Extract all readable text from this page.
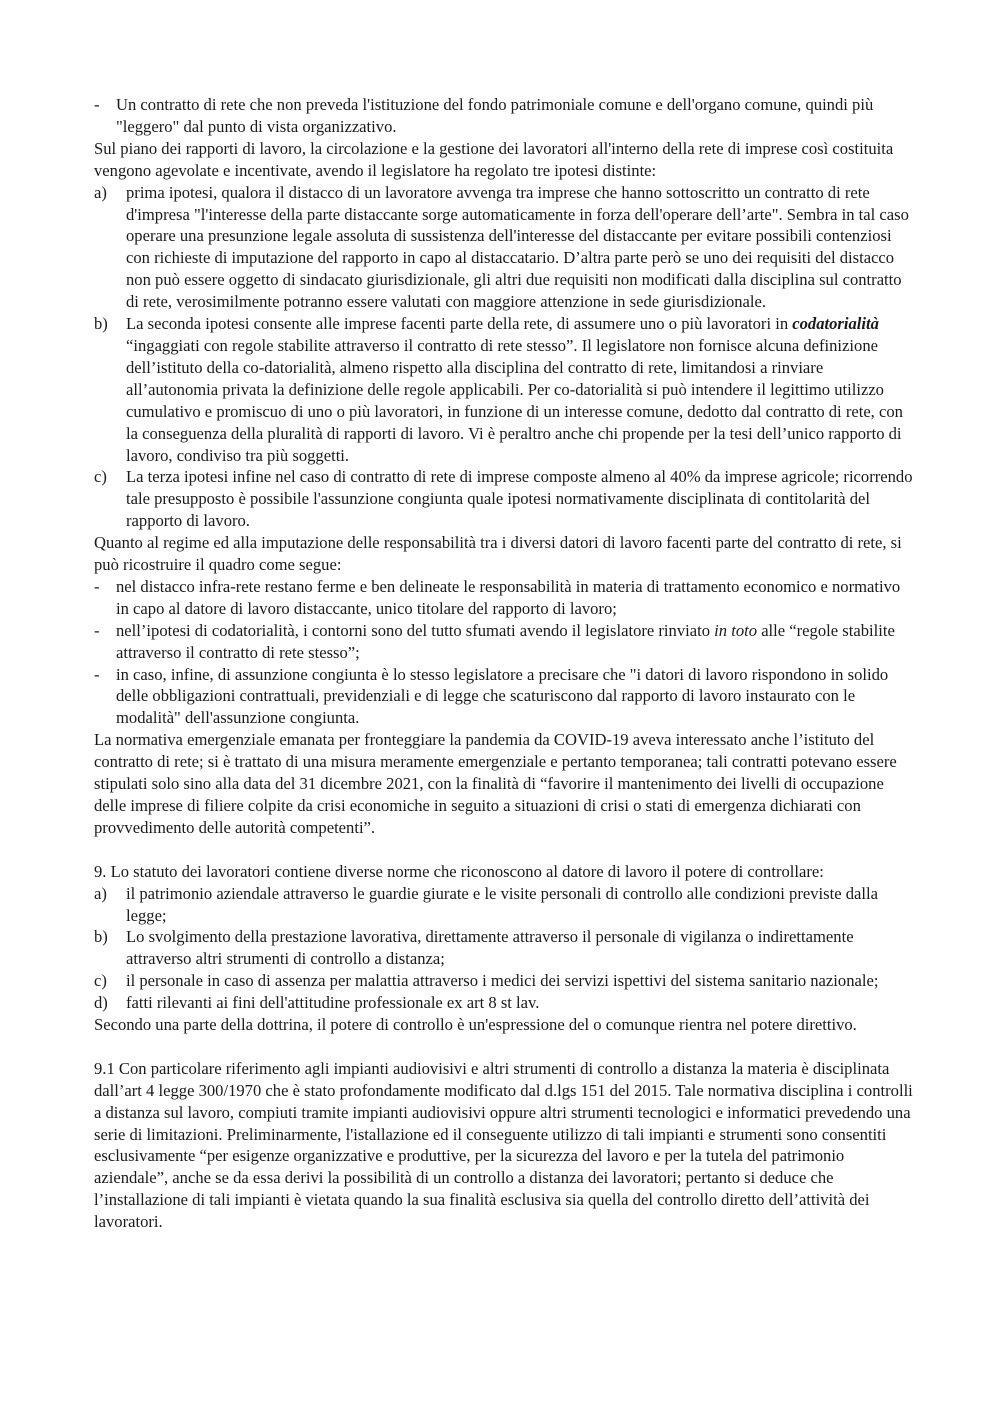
- Un contratto di rete che non preveda l'istituzione del fondo patrimoniale comune e dell'organo comune, quindi più "leggero" dal punto di vista organizzativo.

Sul piano dei rapporti di lavoro, la circolazione e la gestione dei lavoratori all'interno della rete di imprese così costituita vengono agevolate e incentivate, avendo il legislatore ha regolato tre ipotesi distinte:

a)	prima ipotesi, qualora il distacco di un lavoratore avvenga tra imprese che hanno sottoscritto un contratto di rete d'impresa "l'interesse della parte distaccante sorge automaticamente in forza dell'operare dell’arte". Sembra in tal caso operare una presunzione legale assoluta di sussistenza dell'interesse del distaccante per evitare possibili contenziosi con richieste di imputazione del rapporto in capo al distaccatario. D’altra parte però se uno dei requisiti del distacco non può essere oggetto di sindacato giurisdizionale, gli altri due requisiti non modificati dalla disciplina sul contratto di rete, verosimilmente potranno essere valutati con maggiore attenzione in sede giurisdizionale.
b)	La seconda ipotesi consente alle imprese facenti parte della rete, di assumere uno o più lavoratori in codatorialità “ingaggiati con regole stabilite attraverso il contratto di rete stesso”. Il legislatore non fornisce alcuna definizione dell’istituto della co-datorialità, almeno rispetto alla disciplina del contratto di rete, limitandosi a rinviare all’autonomia privata la definizione delle regole applicabili. Per co-datorialità si può intendere il legittimo utilizzo cumulativo e promiscuo di uno o più lavoratori, in funzione di un interesse comune, dedotto dal contratto di rete, con la conseguenza della pluralità di rapporti di lavoro. Vi è peraltro anche chi propende per la tesi dell’unico rapporto di lavoro, condiviso tra più soggetti.
c)	La terza ipotesi infine nel caso di contratto di rete di imprese composte almeno al 40% da imprese agricole; ricorrendo tale presupposto è possibile l'assunzione congiunta quale ipotesi normativamente disciplinata di contitolarità del rapporto di lavoro.

Quanto al regime ed alla imputazione delle responsabilità tra i diversi datori di lavoro facenti parte del contratto di rete, si può ricostruire il quadro come segue:

- nel distacco infra-rete restano ferme e ben delineate le responsabilità in materia di trattamento economico e normativo in capo al datore di lavoro distaccante, unico titolare del rapporto di lavoro;
- nell’ipotesi di codatorialità, i contorni sono del tutto sfumati avendo il legislatore rinviato in toto alle “regole stabilite attraverso il contratto di rete stesso”;
- in caso, infine, di assunzione congiunta è lo stesso legislatore a precisare che "i datori di lavoro rispondono in solido delle obbligazioni contrattuali, previdenziali e di legge che scaturiscono dal rapporto di lavoro instaurato con le modalità" dell'assunzione congiunta.

La normativa emergenziale emanata per fronteggiare la pandemia da COVID-19 aveva interessato anche l’istituto del contratto di rete; si è trattato di una misura meramente emergenziale e pertanto temporanea; tali contratti potevano essere stipulati solo sino alla data del 31 dicembre 2021, con la finalità di “favorire il mantenimento dei livelli di occupazione delle imprese di filiere colpite da crisi economiche in seguito a situazioni di crisi o stati di emergenza dichiarati con provvedimento delle autorità competenti”.

9. Lo statuto dei lavoratori contiene diverse norme che riconoscono al datore di lavoro il potere di controllare:

a)	il patrimonio aziendale attraverso le guardie giurate e le visite personali di controllo alle condizioni previste dalla legge;
b)	Lo svolgimento della prestazione lavorativa, direttamente attraverso il personale di vigilanza o indirettamente attraverso altri strumenti di controllo a distanza;
c)	il personale in caso di assenza per malattia attraverso i medici dei servizi ispettivi del sistema sanitario nazionale;
d)	fatti rilevanti ai fini dell'attitudine professionale ex art 8 st lav.

Secondo una parte della dottrina, il potere di controllo è un'espressione del o comunque rientra nel potere direttivo.

9.1 Con particolare riferimento agli impianti audiovisivi e altri strumenti di controllo a distanza la materia è disciplinata dall’art 4 legge 300/1970 che è stato profondamente modificato dal d.lgs 151 del 2015. Tale normativa disciplina i controlli a distanza sul lavoro, compiuti tramite impianti audiovisivi oppure altri strumenti tecnologici e informatici prevedendo una serie di limitazioni. Preliminarmente, l'istallazione ed il conseguente utilizzo di tali impianti e strumenti sono consentiti esclusivamente “per esigenze organizzative e produttive, per la sicurezza del lavoro e per la tutela del patrimonio aziendale”, anche se da essa derivi la possibilità di un controllo a distanza dei lavoratori; pertanto si deduce che l’installazione di tali impianti è vietata quando la sua finalità esclusiva sia quella del controllo diretto dell’attività dei lavoratori.
